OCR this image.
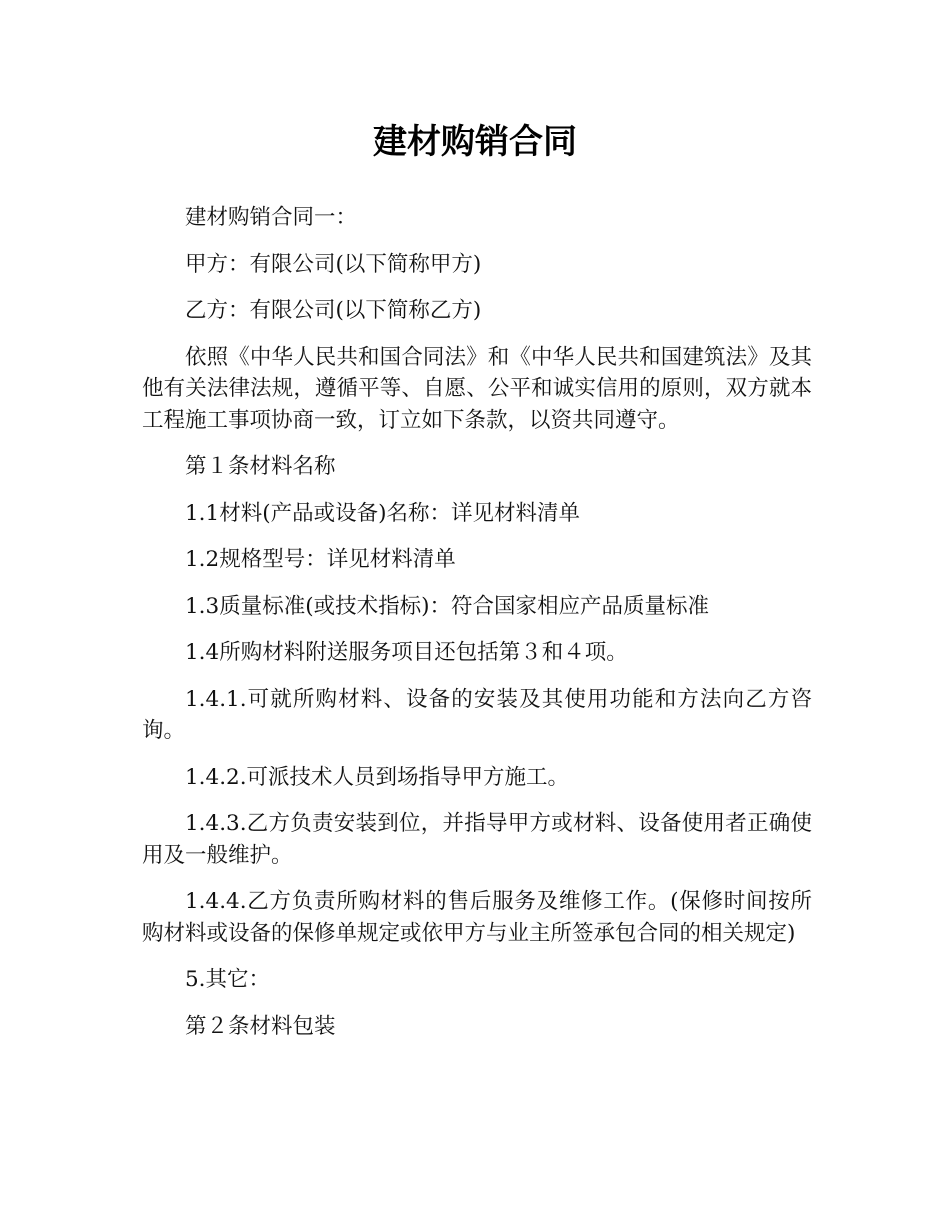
建材购销合同

建材购销合同一：

甲方：有限公司(以下简称甲方)

乙方：有限公司(以下简称乙方)

依照《中华人民共和国合同法》和《中华人民共和国建筑法》及其他有关法律法规，遵循平等、自愿、公平和诚实信用的原则，双方就本工程施工事项协商一致，订立如下条款，以资共同遵守。

第１条材料名称

1.1材料(产品或设备)名称：详见材料清单

1.2规格型号：详见材料清单

1.3质量标准(或技术指标)：符合国家相应产品质量标准

1.4所购材料附送服务项目还包括第３和４项。

1.4.1.可就所购材料、设备的安装及其使用功能和方法向乙方咨询。

1.4.2.可派技术人员到场指导甲方施工。

1.4.3.乙方负责安装到位，并指导甲方或材料、设备使用者正确使用及一般维护。

1.4.4.乙方负责所购材料的售后服务及维修工作。(保修时间按所购材料或设备的保修单规定或依甲方与业主所签承包合同的相关规定)

5.其它：

第２条材料包装
